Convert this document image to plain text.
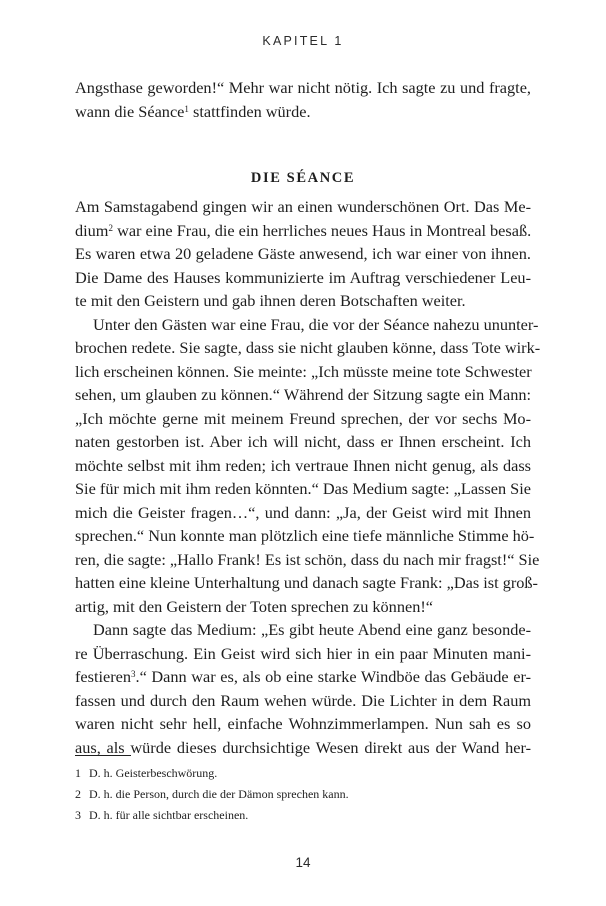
KAPITEL 1
Angsthase geworden!“ Mehr war nicht nötig. Ich sagte zu und fragte,
wann die Séance$^1$ stattfinden würde.
DIE SÉANCE
Am Samstagabend gingen wir an einen wunderschönen Ort. Das Me-
dium$^2$ war eine Frau, die ein herrliches neues Haus in Montreal besaß.
Es waren etwa 20 geladene Gäste anwesend, ich war einer von ihnen.
Die Dame des Hauses kommunizierte im Auftrag verschiedener Leu-
te mit den Geistern und gab ihnen deren Botschaften weiter.
Unter den Gästen war eine Frau, die vor der Séance nahezu ununter-
brochen redete. Sie sagte, dass sie nicht glauben könne, dass Tote wirk-
lich erscheinen können. Sie meinte: „Ich müsste meine tote Schwester
sehen, um glauben zu können.“ Während der Sitzung sagte ein Mann:
„Ich möchte gerne mit meinem Freund sprechen, der vor sechs Mo-
naten gestorben ist. Aber ich will nicht, dass er Ihnen erscheint. Ich
möchte selbst mit ihm reden; ich vertraue Ihnen nicht genug, als dass
Sie für mich mit ihm reden könnten.“ Das Medium sagte: „Lassen Sie
mich die Geister fragen…“, und dann: „Ja, der Geist wird mit Ihnen
sprechen.“ Nun konnte man plötzlich eine tiefe männliche Stimme hö-
ren, die sagte: „Hallo Frank! Es ist schön, dass du nach mir fragst!“ Sie
hatten eine kleine Unterhaltung und danach sagte Frank: „Das ist groß-
artig, mit den Geistern der Toten sprechen zu können!“
Dann sagte das Medium: „Es gibt heute Abend eine ganz besonde-
re Überraschung. Ein Geist wird sich hier in ein paar Minuten mani-
festieren$^3$.“ Dann war es, als ob eine starke Windböe das Gebäude er-
fassen und durch den Raum wehen würde. Die Lichter in dem Raum
waren nicht sehr hell, einfache Wohnzimmerlampen. Nun sah es so
aus, als würde dieses durchsichtige Wesen direkt aus der Wand her-
1 D. h. Geisterbeschwörung.
2 D. h. die Person, durch die der Dämon sprechen kann.
3 D. h. für alle sichtbar erscheinen.
14
